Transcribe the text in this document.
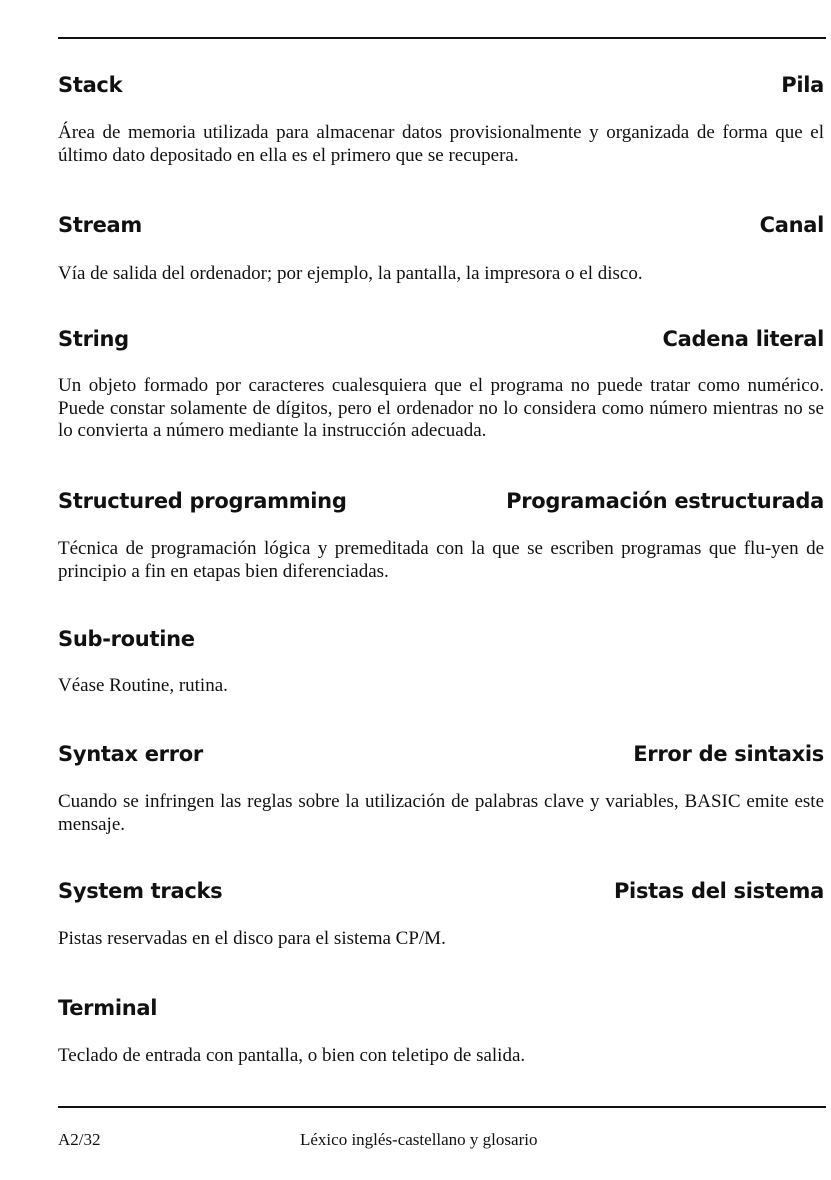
Stack	Pila

Área de memoria utilizada para almacenar datos provisionalmente y organizada de forma que el último dato depositado en ella es el primero que se recupera.

Stream	Canal

Vía de salida del ordenador; por ejemplo, la pantalla, la impresora o el disco.

String	Cadena literal

Un objeto formado por caracteres cualesquiera que el programa no puede tratar como numérico. Puede constar solamente de dígitos, pero el ordenador no lo considera como número mientras no se lo convierta a número mediante la instrucción adecuada.

Structured programming	Programación estructurada

Técnica de programación lógica y premeditada con la que se escriben programas que flu-yen de principio a fin en etapas bien diferenciadas.

Sub-routine

Véase Routine, rutina.

Syntax error	Error de sintaxis

Cuando se infringen las reglas sobre la utilización de palabras clave y variables, BASIC emite este mensaje.

System tracks	Pistas del sistema

Pistas reservadas en el disco para el sistema CP/M.

Terminal

Teclado de entrada con pantalla, o bien con teletipo de salida.

A2/32	Léxico inglés-castellano y glosario
